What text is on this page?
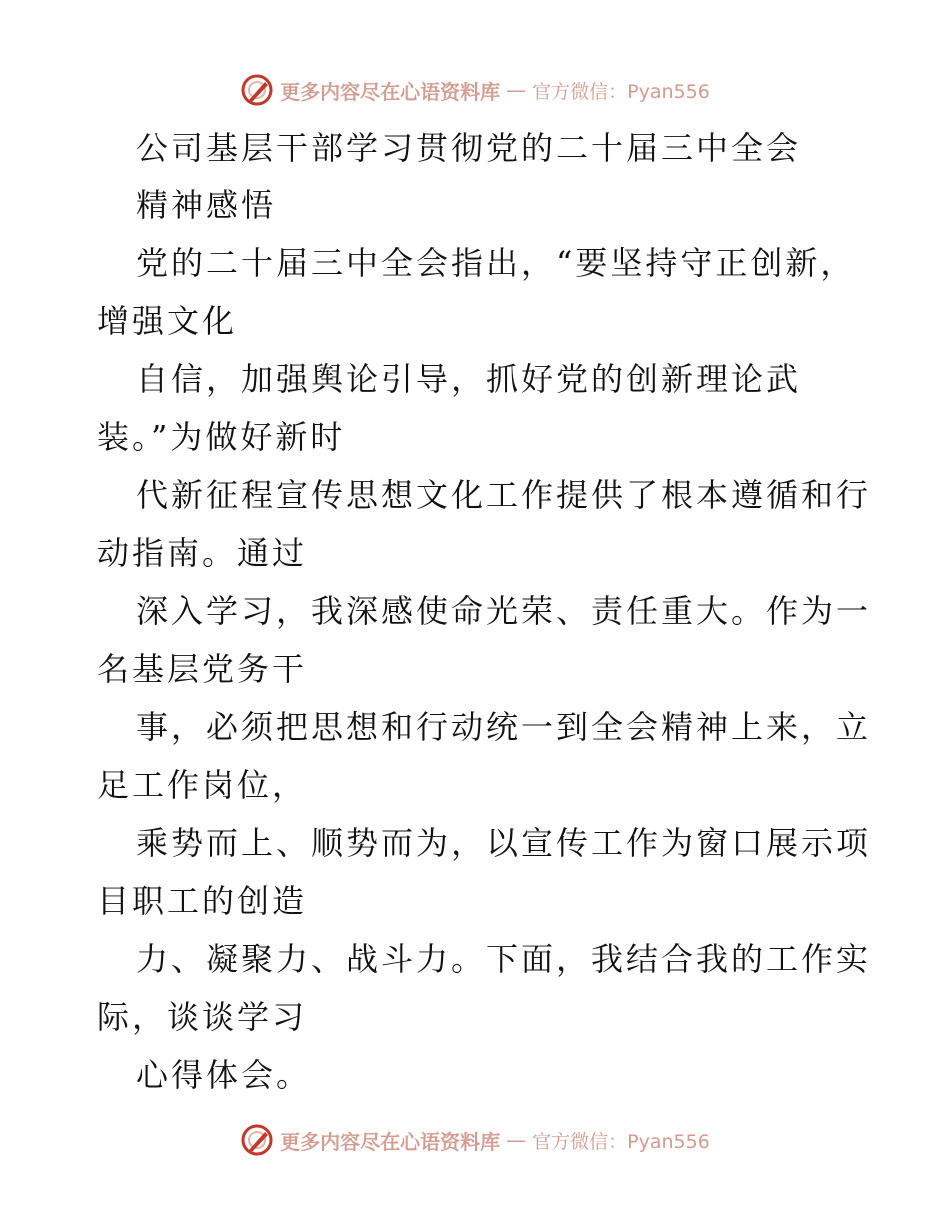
更多内容尽在心语资料库 — 官方微信：Pyan556
公司基层干部学习贯彻党的二十届三中全会
精神感悟
党的二十届三中全会指出，“要坚持守正创新，
增强文化
自信，加强舆论引导，抓好党的创新理论武
装。”为做好新时
代新征程宣传思想文化工作提供了根本遵循和行
动指南。通过
深入学习，我深感使命光荣、责任重大。作为一
名基层党务干
事，必须把思想和行动统一到全会精神上来，立
足工作岗位，
乘势而上、顺势而为，以宣传工作为窗口展示项
目职工的创造
力、凝聚力、战斗力。下面，我结合我的工作实
际，谈谈学习
心得体会。
更多内容尽在心语资料库 — 官方微信：Pyan556
